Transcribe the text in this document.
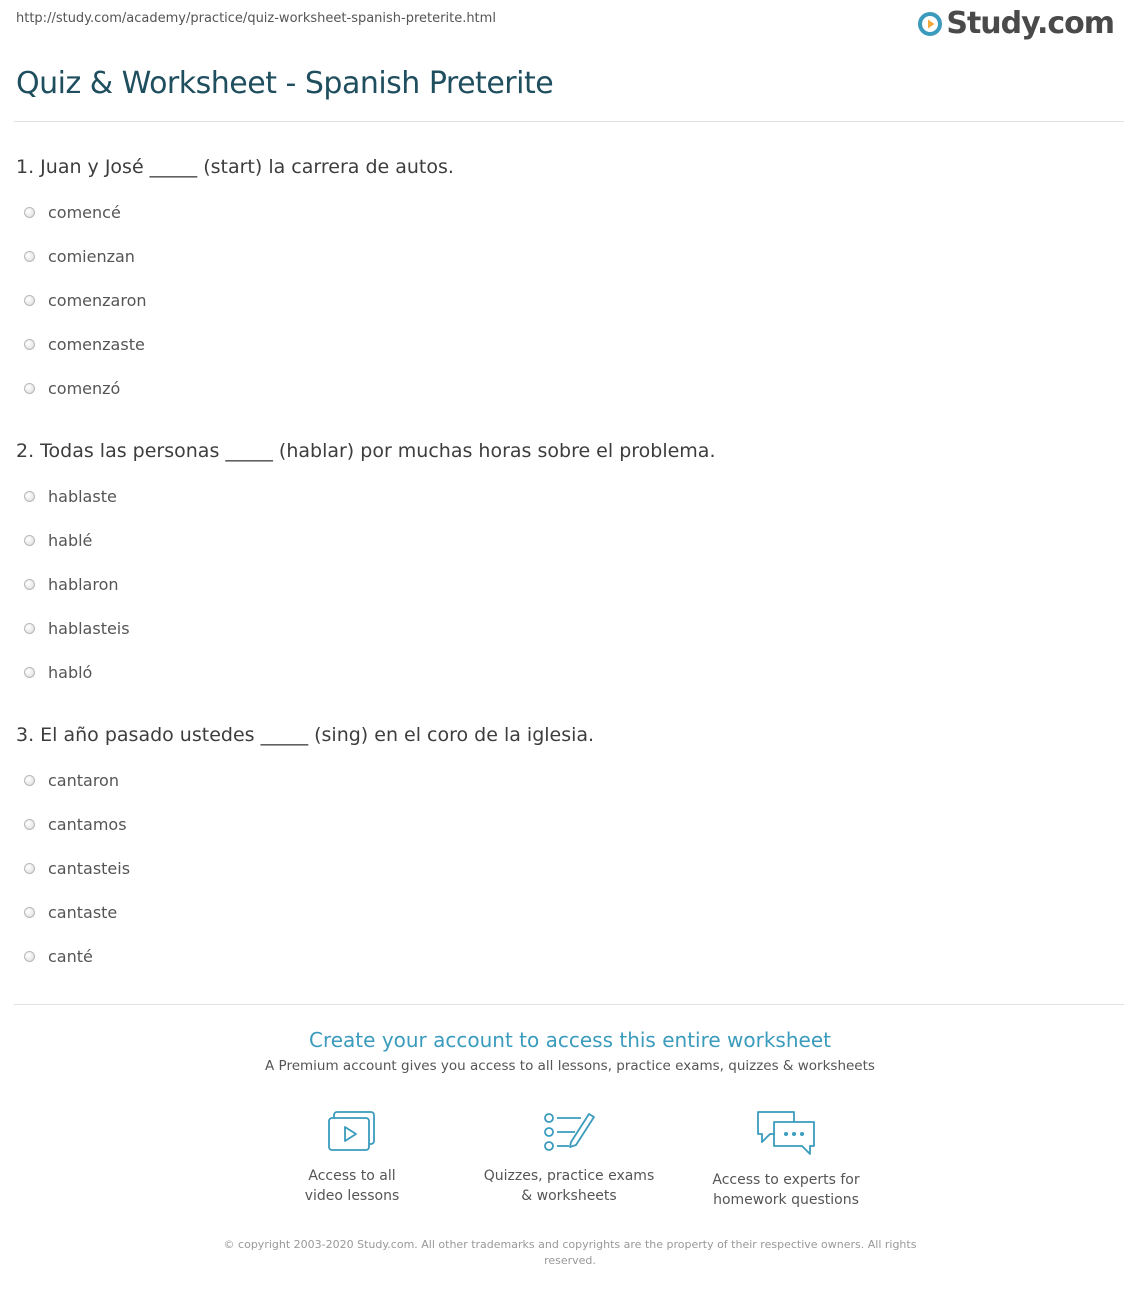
http://study.com/academy/practice/quiz-worksheet-spanish-preterite.html	Study.com
Quiz & Worksheet - Spanish Preterite

1. Juan y José _____ (start) la carrera de autos.

comencé
comienzan
comenzaron
comenzaste
comenzó

2. Todas las personas _____ (hablar) por muchas horas sobre el problema.

hablaste
hablé
hablaron
hablasteis
habló

3. El año pasado ustedes _____ (sing) en el coro de la iglesia.

cantaron
cantamos
cantasteis
cantaste
canté

Create your account to access this entire worksheet

A Premium account gives you access to all lessons, practice exams, quizzes & worksheets
Access to all
video lessons
Quizzes, practice exams
& worksheets
Access to experts for
homework questions
© copyright 2003-2020 Study.com. All other trademarks and copyrights are the property of their respective owners. All rights reserved.
